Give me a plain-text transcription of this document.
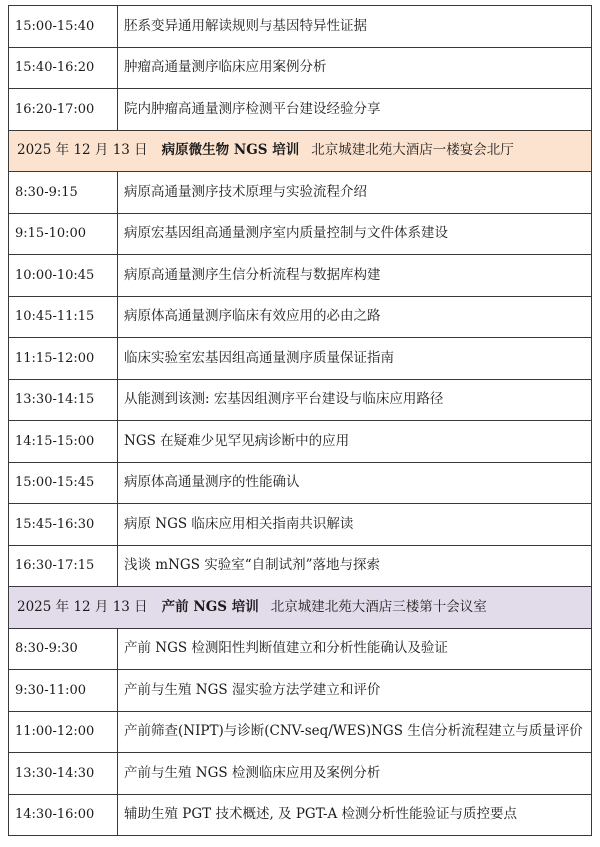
15:00-15:40	胚系变异通用解读规则与基因特异性证据
15:40-16:20	肿瘤高通量测序临床应用案例分析
16:20-17:00	院内肿瘤高通量测序检测平台建设经验分享
2025 年 12 月 13 日 病原微生物 NGS 培训 北京城建北苑大酒店一楼宴会北厅	
8:30-9:15	病原高通量测序技术原理与实验流程介绍
9:15-10:00	病原宏基因组高通量测序室内质量控制与文件体系建设
10:00-10:45	病原高通量测序生信分析流程与数据库构建
10:45-11:15	病原体高通量测序临床有效应用的必由之路
11:15-12:00	临床实验室宏基因组高通量测序质量保证指南
13:30-14:15	从能测到该测: 宏基因组测序平台建设与临床应用路径
14:15-15:00	NGS 在疑难少见罕见病诊断中的应用
15:00-15:45	病原体高通量测序的性能确认
15:45-16:30	病原 NGS 临床应用相关指南共识解读
16:30-17:15	浅谈 mNGS 实验室“自制试剂”落地与探索
2025 年 12 月 13 日 产前 NGS 培训 北京城建北苑大酒店三楼第十会议室	
8:30-9:30	产前 NGS 检测阳性判断值建立和分析性能确认及验证
9:30-11:00	产前与生殖 NGS 湿实验方法学建立和评价
11:00-12:00	产前筛查(NIPT)与诊断(CNV-seq/WES)NGS 生信分析流程建立与质量评价
13:30-14:30	产前与生殖 NGS 检测临床应用及案例分析
14:30-16:00	辅助生殖 PGT 技术概述, 及 PGT-A 检测分析性能验证与质控要点
